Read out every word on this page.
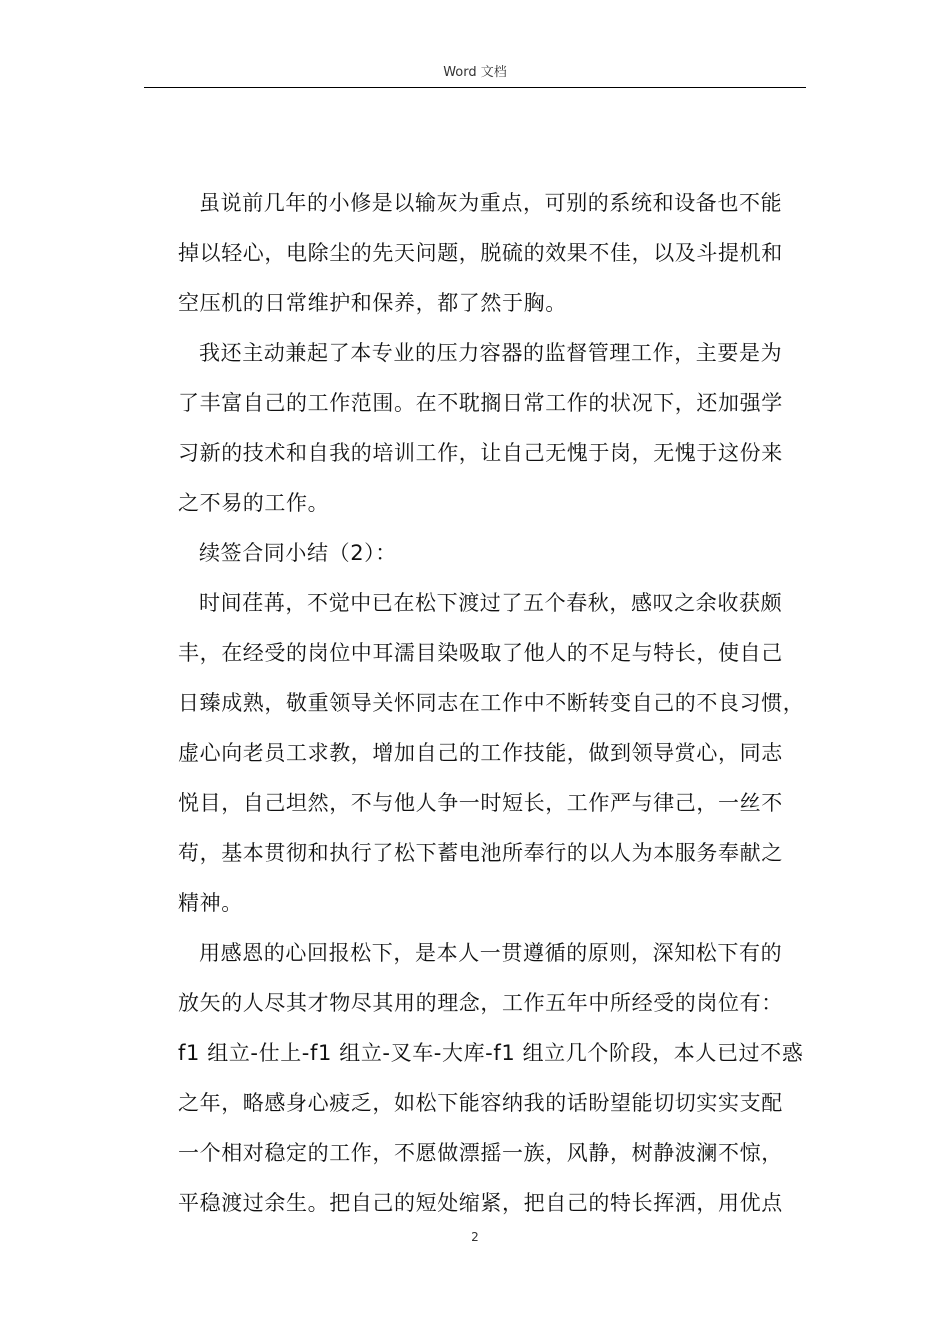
Word 文档
虽说前几年的小修是以输灰为重点，可别的系统和设备也不能
掉以轻心，电除尘的先天问题，脱硫的效果不佳，以及斗提机和
空压机的日常维护和保养，都了然于胸。
我还主动兼起了本专业的压力容器的监督管理工作，主要是为
了丰富自己的工作范围。在不耽搁日常工作的状况下，还加强学
习新的技术和自我的培训工作，让自己无愧于岗，无愧于这份来
之不易的工作。
续签合同小结（2）：
时间荏苒，不觉中已在松下渡过了五个春秋，感叹之余收获颇
丰，在经受的岗位中耳濡目染吸取了他人的不足与特长，使自己
日臻成熟，敬重领导关怀同志在工作中不断转变自己的不良习惯，
虚心向老员工求教，增加自己的工作技能，做到领导赏心，同志
悦目，自己坦然，不与他人争一时短长，工作严与律己，一丝不
苟，基本贯彻和执行了松下蓄电池所奉行的以人为本服务奉献之
精神。
用感恩的心回报松下，是本人一贯遵循的原则，深知松下有的
放矢的人尽其才物尽其用的理念，工作五年中所经受的岗位有：
f1 组立-仕上-f1 组立-叉车-大库-f1 组立几个阶段，本人已过不惑
之年，略感身心疲乏，如松下能容纳我的话盼望能切切实实支配
一个相对稳定的工作，不愿做漂摇一族，风静，树静波澜不惊，
平稳渡过余生。把自己的短处缩紧，把自己的特长挥洒，用优点
2
